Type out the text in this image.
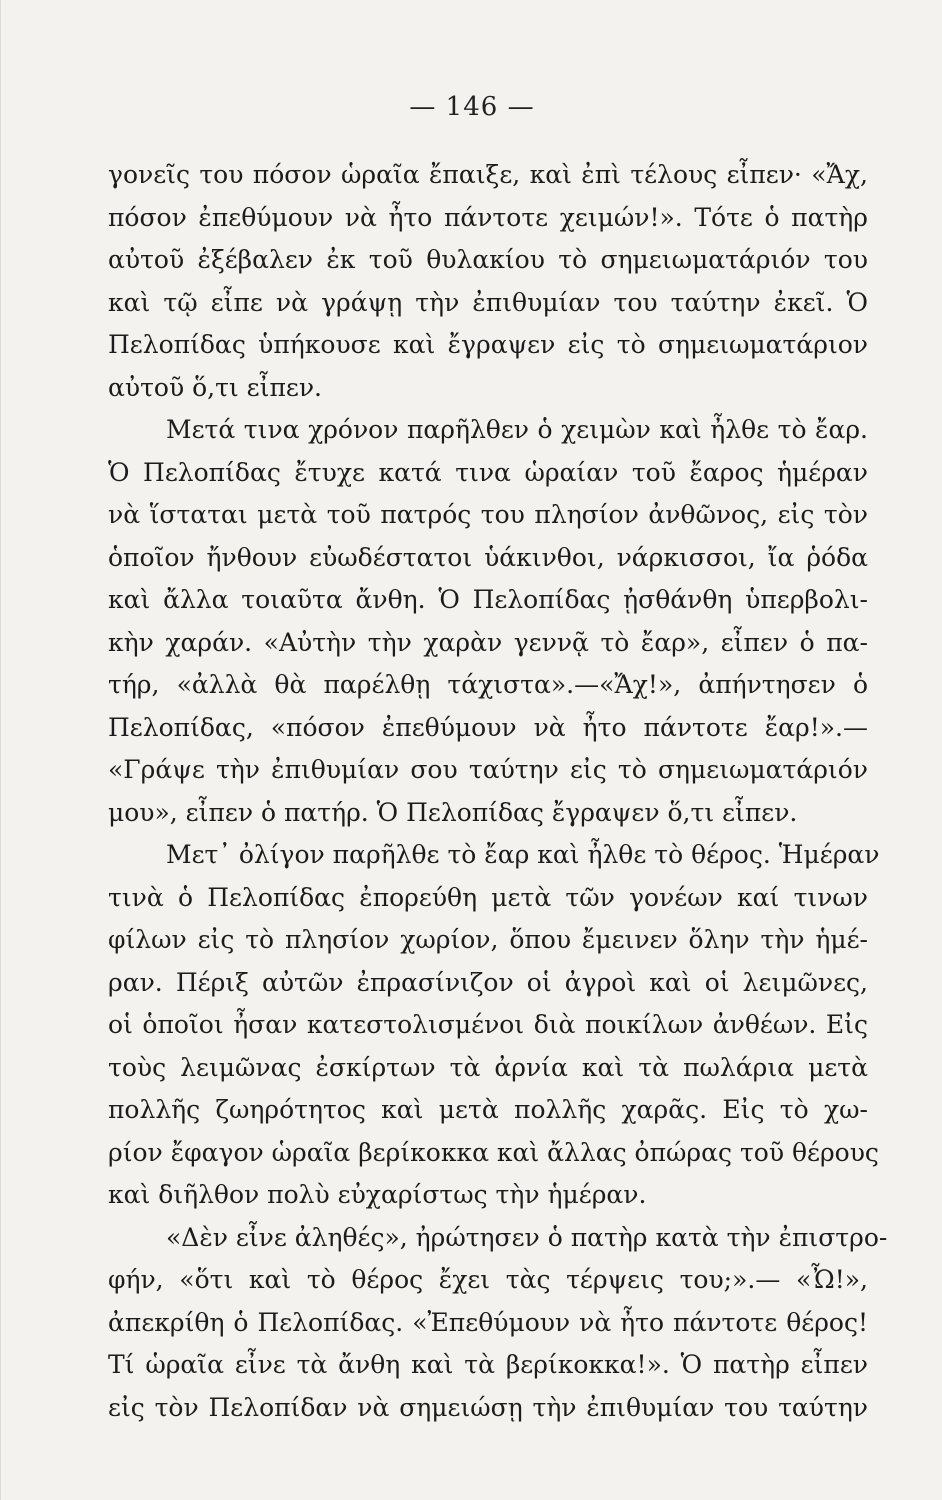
— 146 —
γονεῖς του πόσον ὡραῖα ἔπαιξε, καὶ ἐπὶ τέλους εἶπεν· «Ἄχ,
πόσον ἐπεθύμουν νὰ ἦτο πάντοτε χειμών!». Τότε ὁ πατὴρ
αὐτοῦ ἐξέβαλεν ἐκ τοῦ θυλακίου τὸ σημειωματάριόν του
καὶ τῷ εἶπε νὰ γράψῃ τὴν ἐπιθυμίαν του ταύτην ἐκεῖ. Ὁ
Πελοπίδας ὑπήκουσε καὶ ἔγραψεν εἰς τὸ σημειωματάριον
αὐτοῦ ὅ,τι εἶπεν.
Μετά τινα χρόνον παρῆλθεν ὁ χειμὼν καὶ ἦλθε τὸ ἔαρ.
Ὁ Πελοπίδας ἔτυχε κατά τινα ὡραίαν τοῦ ἔαρος ἡμέραν
νὰ ἵσταται μετὰ τοῦ πατρός του πλησίον ἀνθῶνος, εἰς τὸν
ὁποῖον ἤνθουν εὐωδέστατοι ὑάκινθοι, νάρκισσοι, ἴα ῥόδα
καὶ ἄλλα τοιαῦτα ἄνθη. Ὁ Πελοπίδας ᾐσθάνθη ὑπερβολι-
κὴν χαράν. «Αὐτὴν τὴν χαρὰν γεννᾷ τὸ ἔαρ», εἶπεν ὁ πα-
τήρ, «ἀλλὰ θὰ παρέλθῃ τάχιστα».—«Ἄχ!», ἀπήντησεν ὁ
Πελοπίδας, «πόσον ἐπεθύμουν νὰ ἦτο πάντοτε ἔαρ!».—
«Γράψε τὴν ἐπιθυμίαν σου ταύτην εἰς τὸ σημειωματάριόν
μου», εἶπεν ὁ πατήρ. Ὁ Πελοπίδας ἔγραψεν ὅ,τι εἶπεν.
Μετ᾽ ὀλίγον παρῆλθε τὸ ἔαρ καὶ ἦλθε τὸ θέρος. Ἡμέραν
τινὰ ὁ Πελοπίδας ἐπορεύθη μετὰ τῶν γονέων καί τινων
φίλων εἰς τὸ πλησίον χωρίον, ὅπου ἔμεινεν ὅλην τὴν ἡμέ-
ραν. Πέριξ αὐτῶν ἐπρασίνιζον οἱ ἀγροὶ καὶ οἱ λειμῶνες,
οἱ ὁποῖοι ἦσαν κατεστολισμένοι διὰ ποικίλων ἀνθέων. Εἰς
τοὺς λειμῶνας ἐσκίρτων τὰ ἀρνία καὶ τὰ πωλάρια μετὰ
πολλῆς ζωηρότητος καὶ μετὰ πολλῆς χαρᾶς. Εἰς τὸ χω-
ρίον ἔφαγον ὡραῖα βερίκοκκα καὶ ἄλλας ὀπώρας τοῦ θέρους
καὶ διῆλθον πολὺ εὐχαρίστως τὴν ἡμέραν.
«Δὲν εἶνε ἀληθές», ἠρώτησεν ὁ πατὴρ κατὰ τὴν ἐπιστρο-
φήν, «ὅτι καὶ τὸ θέρος ἔχει τὰς τέρψεις του;».— «Ὦ!»,
ἀπεκρίθη ὁ Πελοπίδας. «Ἐπεθύμουν νὰ ἦτο πάντοτε θέρος!
Τί ὡραῖα εἶνε τὰ ἄνθη καὶ τὰ βερίκοκκα!». Ὁ πατὴρ εἶπεν
εἰς τὸν Πελοπίδαν νὰ σημειώσῃ τὴν ἐπιθυμίαν του ταύτην
